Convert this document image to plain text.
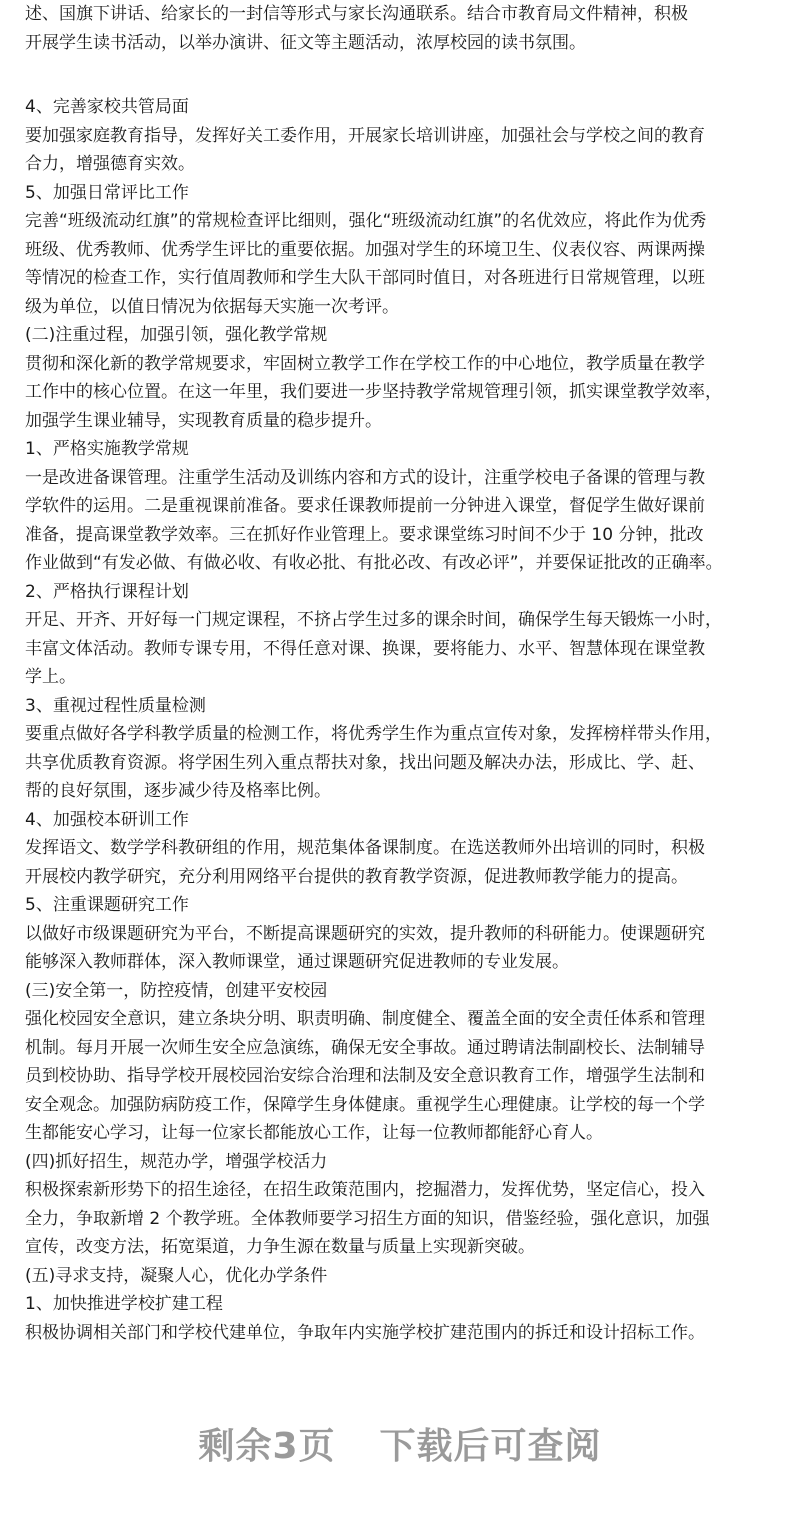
述、国旗下讲话、给家长的一封信等形式与家长沟通联系。结合市教育局文件精神，积极
开展学生读书活动，以举办演讲、征文等主题活动，浓厚校园的读书氛围。
4、完善家校共管局面
要加强家庭教育指导，发挥好关工委作用，开展家长培训讲座，加强社会与学校之间的教育
合力，增强德育实效。
5、加强日常评比工作
完善“班级流动红旗”的常规检查评比细则，强化“班级流动红旗”的名优效应，将此作为优秀
班级、优秀教师、优秀学生评比的重要依据。加强对学生的环境卫生、仪表仪容、两课两操
等情况的检查工作，实行值周教师和学生大队干部同时值日，对各班进行日常规管理，以班
级为单位，以值日情况为依据每天实施一次考评。
(二)注重过程，加强引领，强化教学常规
贯彻和深化新的教学常规要求，牢固树立教学工作在学校工作的中心地位，教学质量在教学
工作中的核心位置。在这一年里，我们要进一步坚持教学常规管理引领，抓实课堂教学效率，
加强学生课业辅导，实现教育质量的稳步提升。
1、严格实施教学常规
一是改进备课管理。注重学生活动及训练内容和方式的设计，注重学校电子备课的管理与教
学软件的运用。二是重视课前准备。要求任课教师提前一分钟进入课堂，督促学生做好课前
准备，提高课堂教学效率。三在抓好作业管理上。要求课堂练习时间不少于 10 分钟，批改
作业做到“有发必做、有做必收、有收必批、有批必改、有改必评”，并要保证批改的正确率。
2、严格执行课程计划
开足、开齐、开好每一门规定课程，不挤占学生过多的课余时间，确保学生每天锻炼一小时，
丰富文体活动。教师专课专用，不得任意对课、换课，要将能力、水平、智慧体现在课堂教
学上。
3、重视过程性质量检测
要重点做好各学科教学质量的检测工作，将优秀学生作为重点宣传对象，发挥榜样带头作用，
共享优质教育资源。将学困生列入重点帮扶对象，找出问题及解决办法，形成比、学、赶、
帮的良好氛围，逐步减少待及格率比例。
4、加强校本研训工作
发挥语文、数学学科教研组的作用，规范集体备课制度。在选送教师外出培训的同时，积极
开展校内教学研究，充分利用网络平台提供的教育教学资源，促进教师教学能力的提高。
5、注重课题研究工作
以做好市级课题研究为平台，不断提高课题研究的实效，提升教师的科研能力。使课题研究
能够深入教师群体，深入教师课堂，通过课题研究促进教师的专业发展。
(三)安全第一，防控疫情，创建平安校园
强化校园安全意识，建立条块分明、职责明确、制度健全、覆盖全面的安全责任体系和管理
机制。每月开展一次师生安全应急演练，确保无安全事故。通过聘请法制副校长、法制辅导
员到校协助、指导学校开展校园治安综合治理和法制及安全意识教育工作，增强学生法制和
安全观念。加强防病防疫工作，保障学生身体健康。重视学生心理健康。让学校的每一个学
生都能安心学习，让每一位家长都能放心工作，让每一位教师都能舒心育人。
(四)抓好招生，规范办学，增强学校活力
积极探索新形势下的招生途径，在招生政策范围内，挖掘潜力，发挥优势，坚定信心，投入
全力，争取新增 2 个教学班。全体教师要学习招生方面的知识，借鉴经验，强化意识，加强
宣传，改变方法，拓宽渠道，力争生源在数量与质量上实现新突破。
(五)寻求支持，凝聚人心，优化办学条件
1、加快推进学校扩建工程
积极协调相关部门和学校代建单位，争取年内实施学校扩建范围内的拆迁和设计招标工作。
剩余3页 下载后可查阅
